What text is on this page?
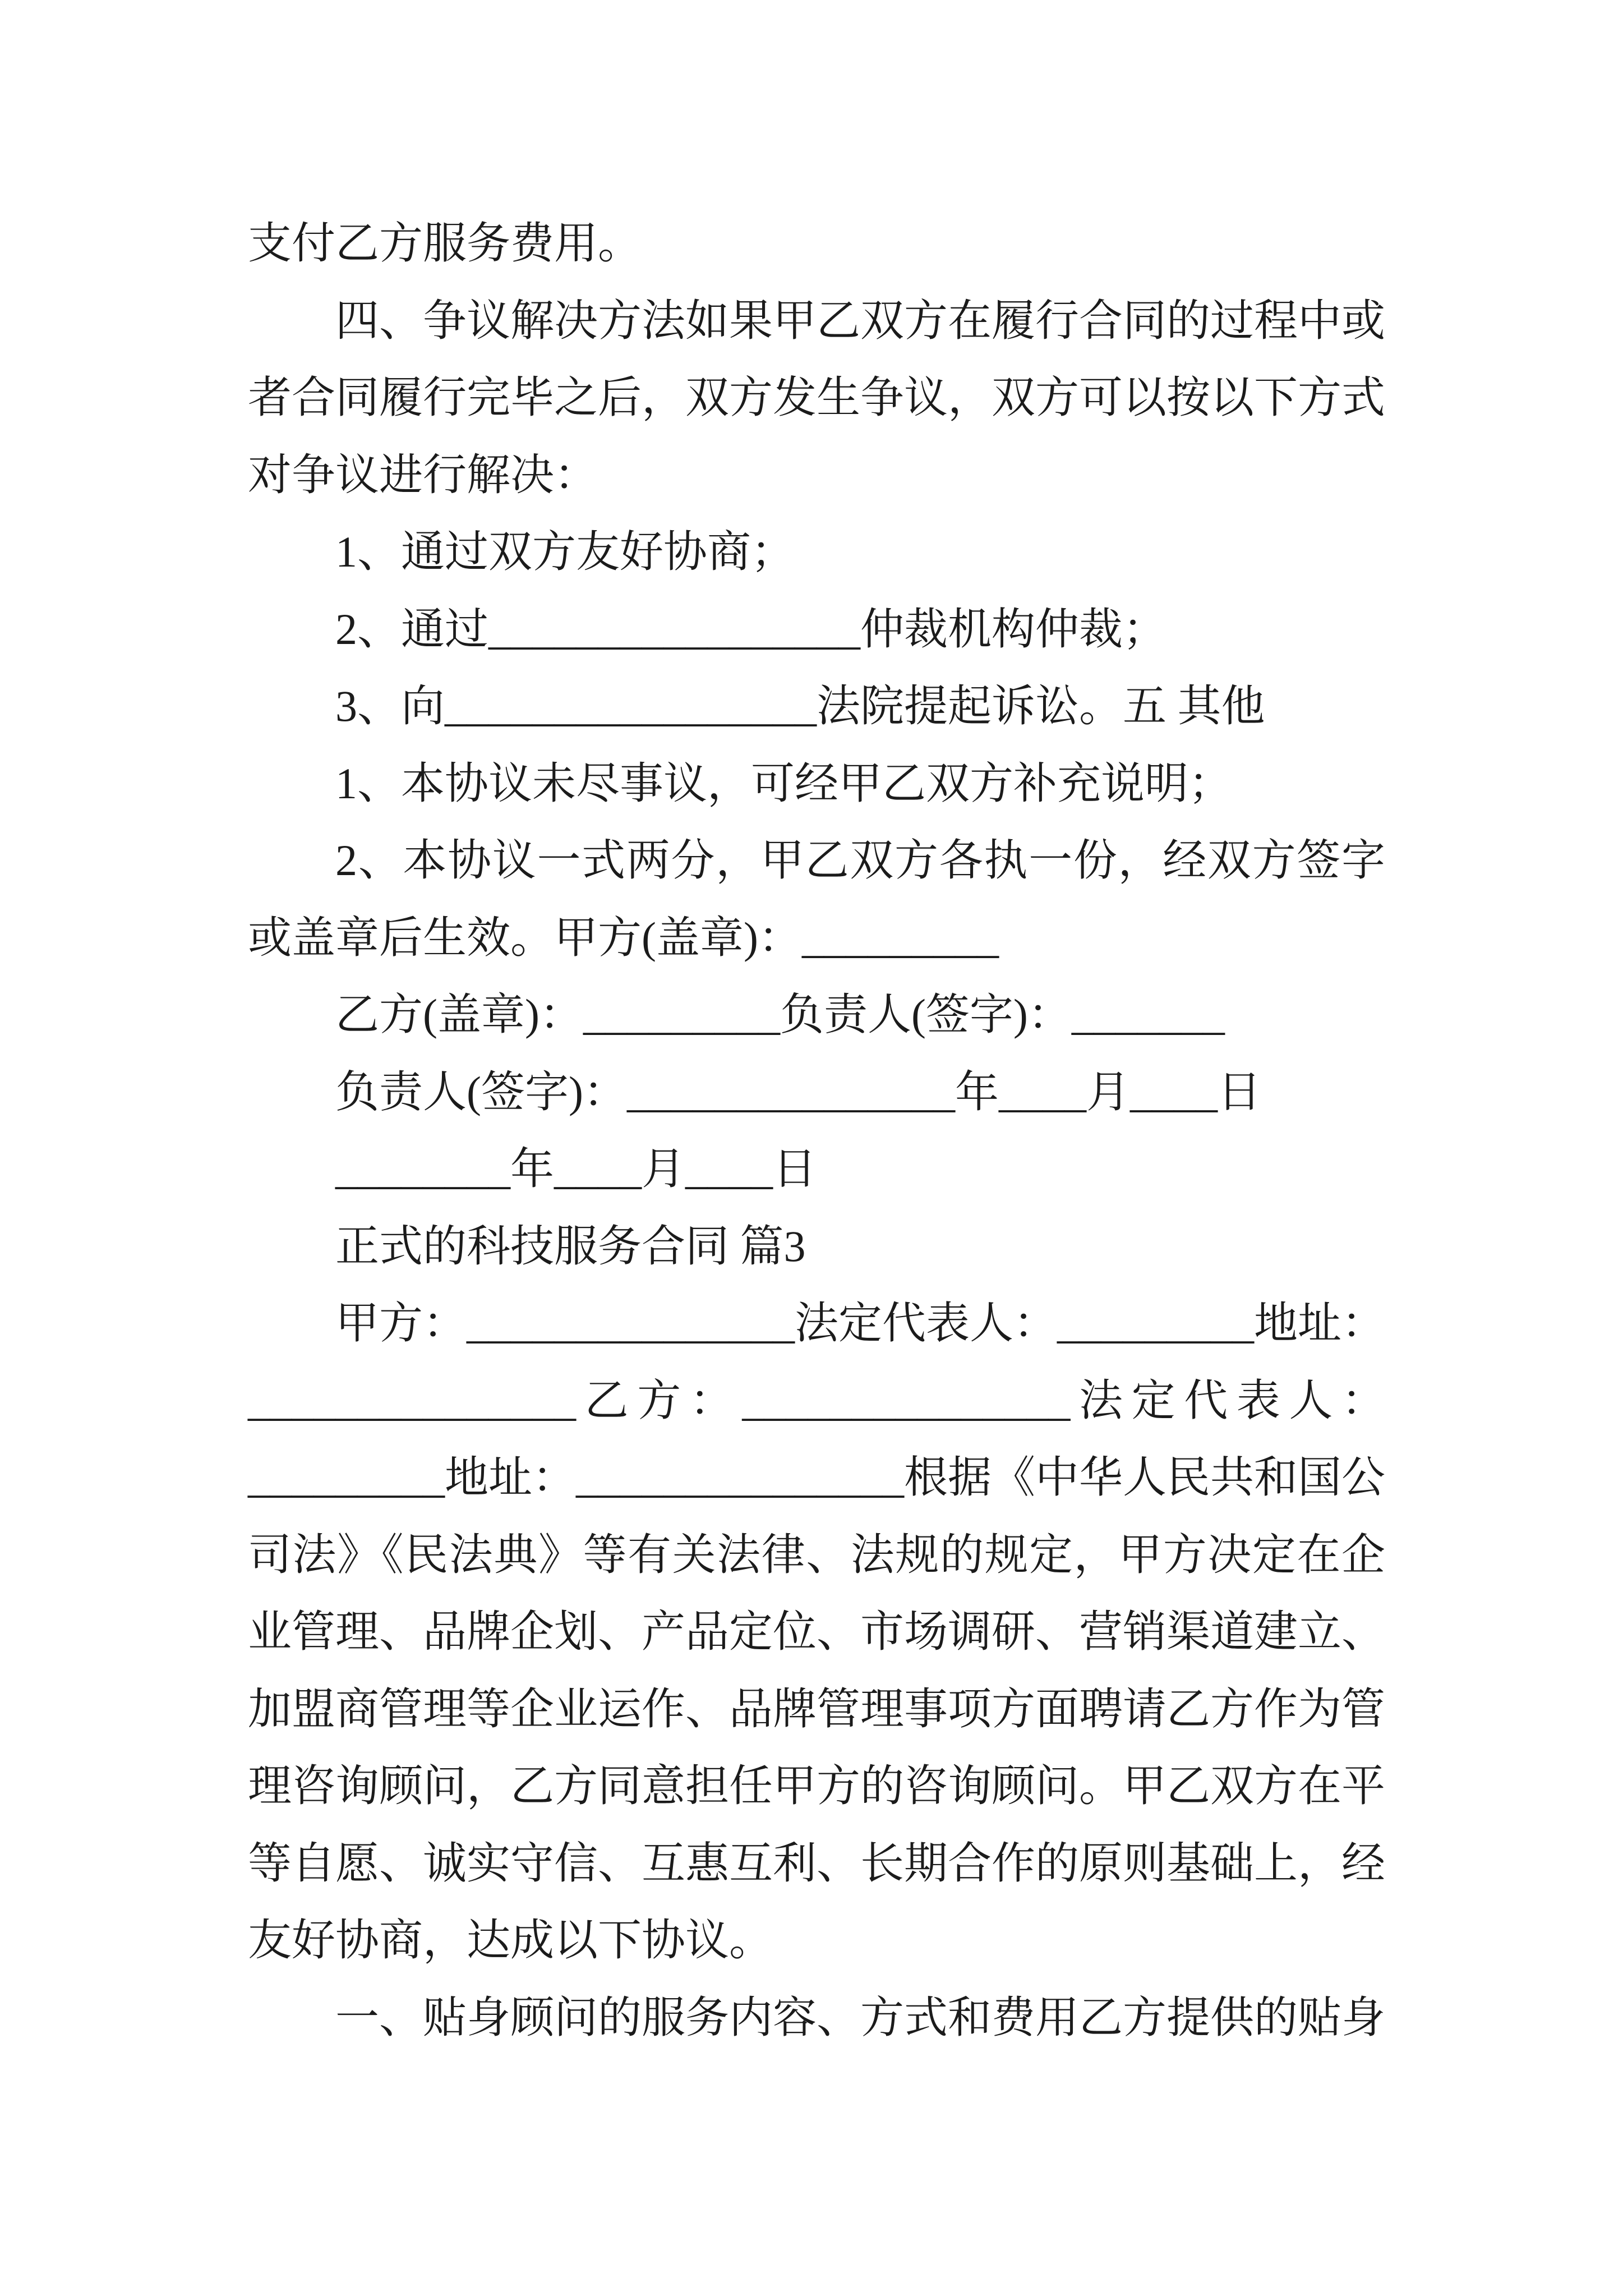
支付乙方服务费用。
四、争议解决方法如果甲乙双方在履行合同的过程中或
者合同履行完毕之后，双方发生争议，双方可以按以下方式
对争议进行解决：
1、通过双方友好协商；
2、通过_________________仲裁机构仲裁；
3、向_________________法院提起诉讼。五 其他
1、本协议未尽事议，可经甲乙双方补充说明；
2、本协议一式两分，甲乙双方各执一份，经双方签字
或盖章后生效。甲方(盖章)：_________
乙方(盖章)：_________负责人(签字)：_______
负责人(签字)：_______________年____月____日
________年____月____日
正式的科技服务合同 篇3
甲方：_______________法定代表人：_________地址：
_______________乙方：_______________法定代表人：
_________地址：_______________根据《中华人民共和国公
司法》《民法典》等有关法律、法规的规定，甲方决定在企
业管理、品牌企划、产品定位、市场调研、营销渠道建立、
加盟商管理等企业运作、品牌管理事项方面聘请乙方作为管
理咨询顾问，乙方同意担任甲方的咨询顾问。甲乙双方在平
等自愿、诚实守信、互惠互利、长期合作的原则基础上，经
友好协商，达成以下协议。
一、贴身顾问的服务内容、方式和费用乙方提供的贴身
